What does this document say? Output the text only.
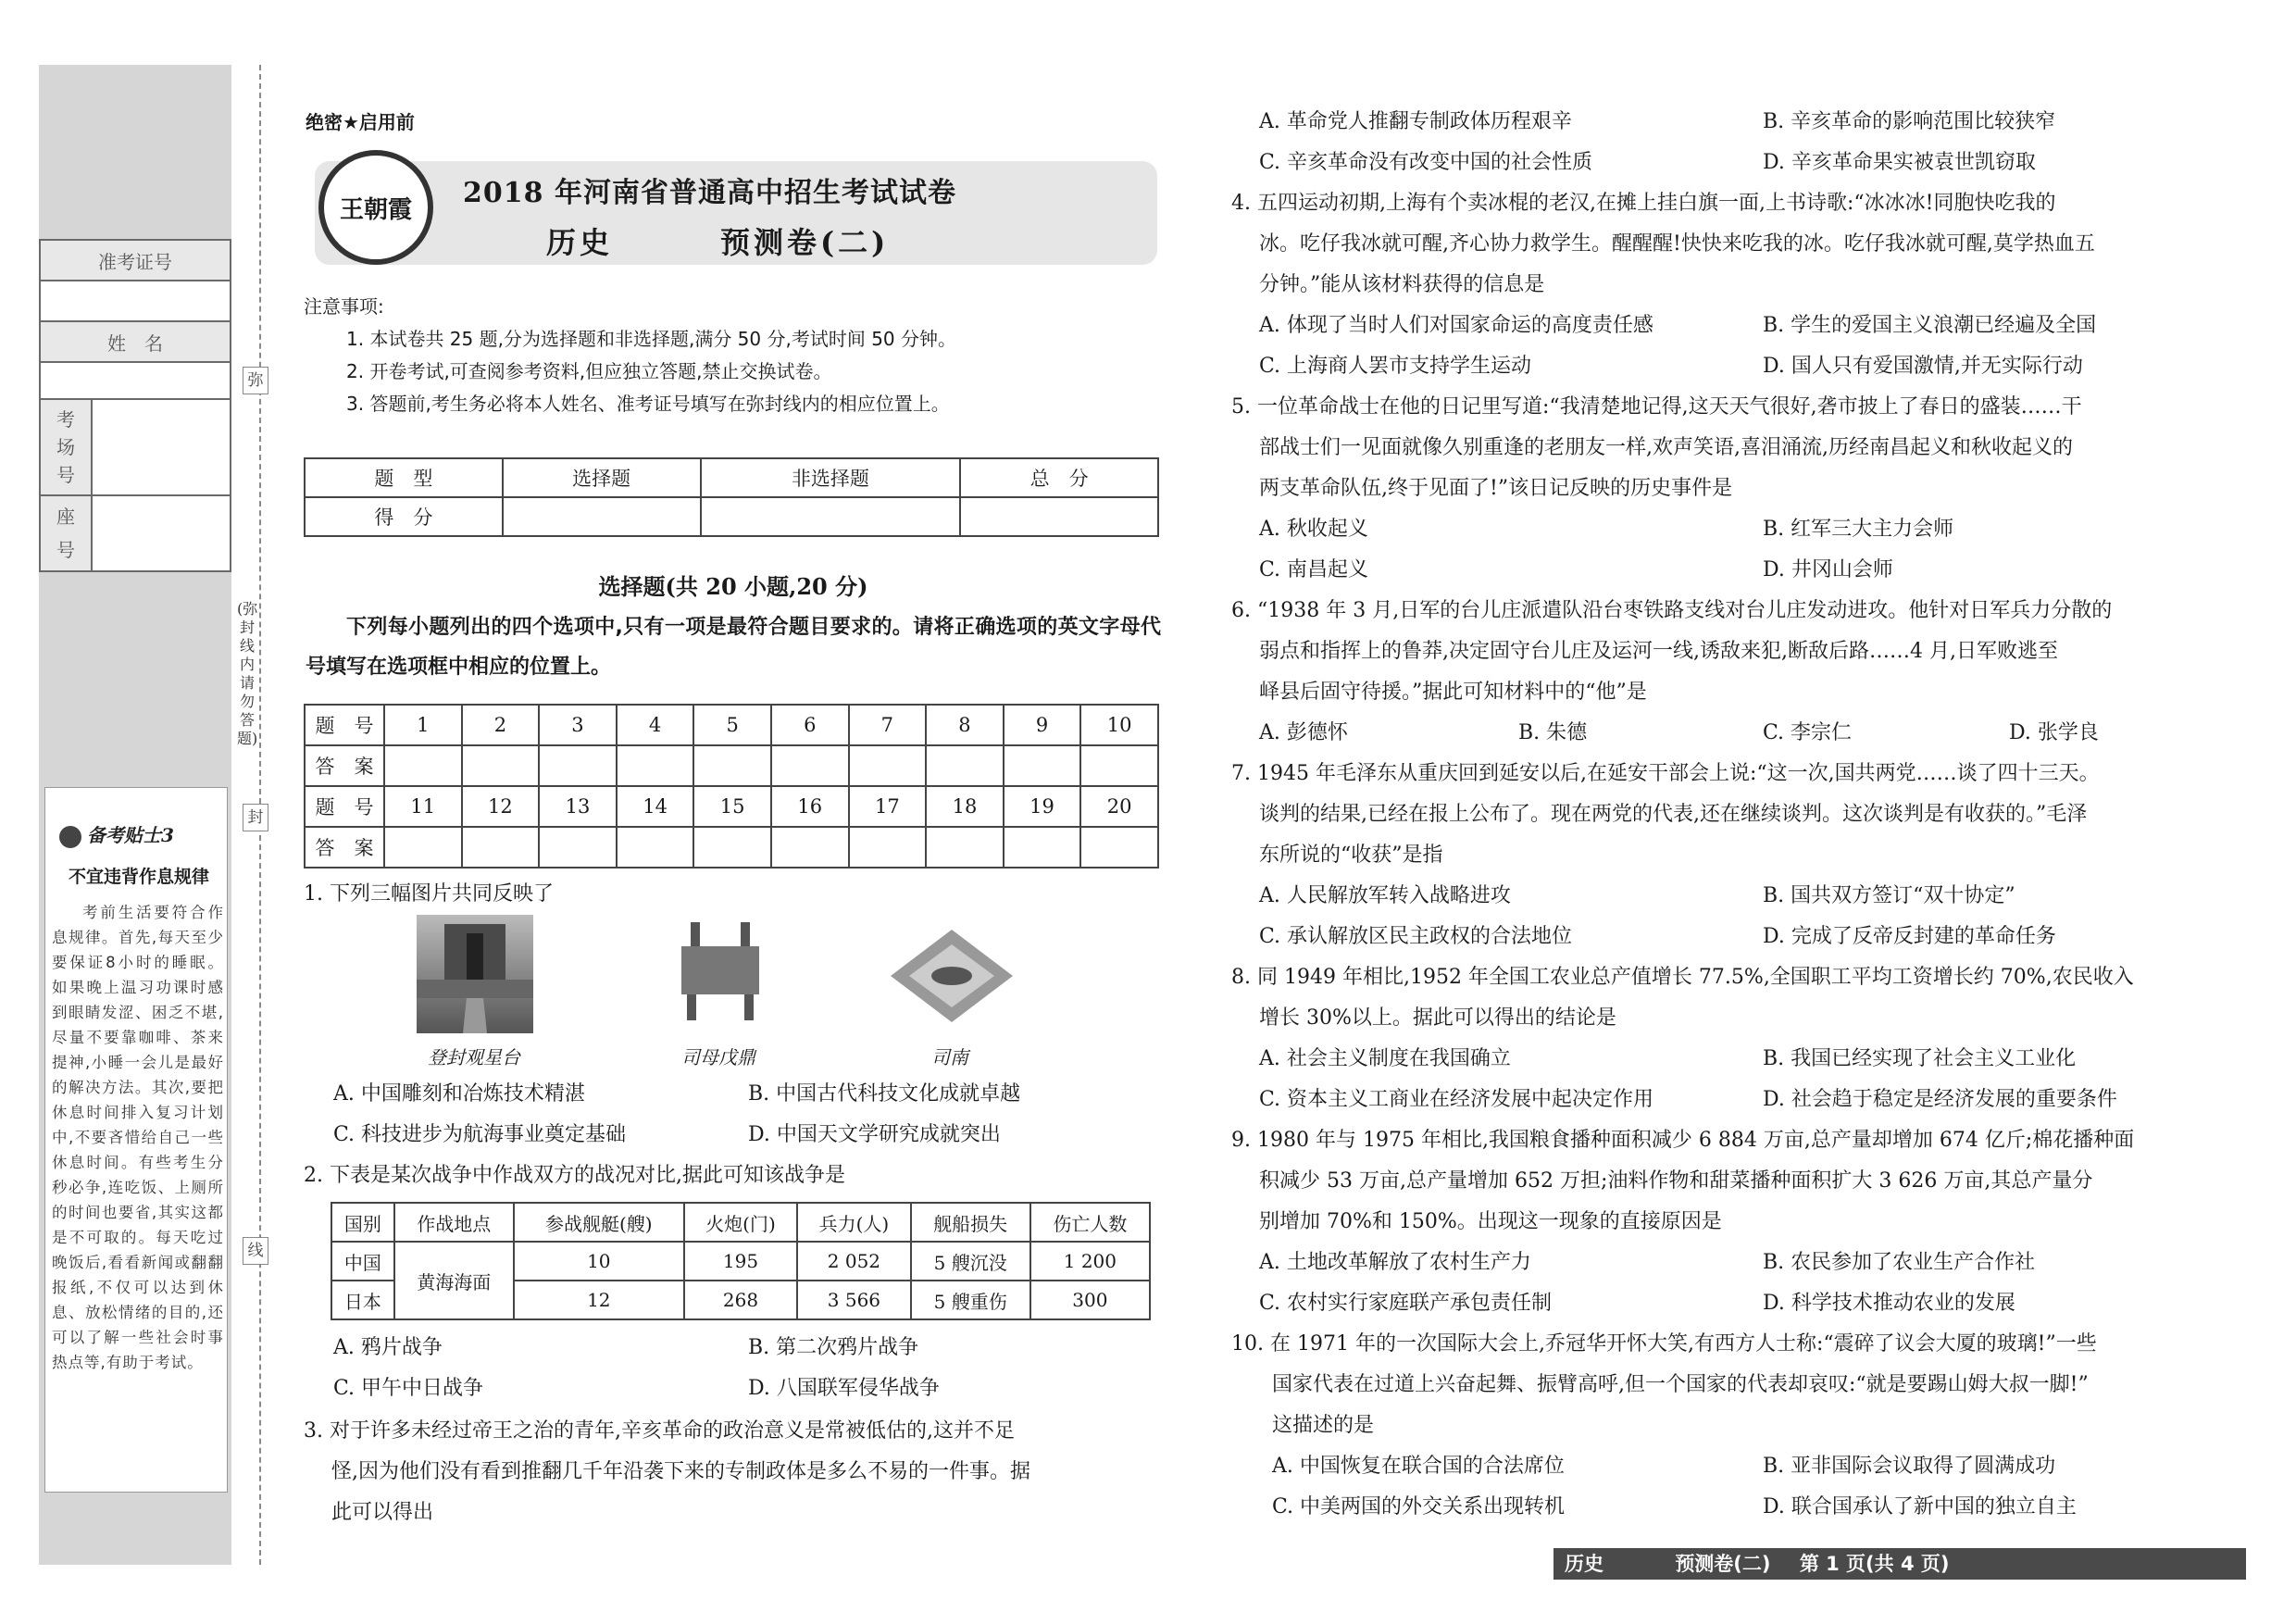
准考证号

姓　名

考
场
号	

座
号	

弥
封
线
(弥封线内请勿答题)
备考贴士3
不宜违背作息规律
考前生活要符合作息规律。首先,每天至少要保证8小时的睡眠。如果晚上温习功课时感到眼睛发涩、困乏不堪,尽量不要靠咖啡、茶来提神,小睡一会儿是最好的解决方法。其次,要把休息时间排入复习计划中,不要吝惜给自己一些休息时间。有些考生分秒必争,连吃饭、上厕所的时间也要省,其实这都是不可取的。每天吃过晚饭后,看看新闻或翻翻报纸,不仅可以达到休息、放松情绪的目的,还可以了解一些社会时事热点等,有助于考试。
绝密★启用前
王朝霞
2018 年河南省普通高中招生考试试卷
历史	预测卷(二)
注意事项:
1. 本试卷共 25 题,分为选择题和非选择题,满分 50 分,考试时间 50 分钟。
2. 开卷考试,可查阅参考资料,但应独立答题,禁止交换试卷。
3. 答题前,考生务必将本人姓名、准考证号填写在弥封线内的相应位置上。
题　型	选择题	非选择题	总　分
得　分			
选择题(共 20 小题,20 分)
下列每小题列出的四个选项中,只有一项是最符合题目要求的。请将正确选项的英文字母代号填写在选项框中相应的位置上。
题　号	1	2	3	4	5	6	7	8	9	10
答　案										
题　号	11	12	13	14	15	16	17	18	19	20
答　案										
1. 下列三幅图片共同反映了
登封观星台	司母戊鼎	司南
A. 中国雕刻和冶炼技术精湛	B. 中国古代科技文化成就卓越
C. 科技进步为航海事业奠定基础	D. 中国天文学研究成就突出
2. 下表是某次战争中作战双方的战况对比,据此可知该战争是
国别	作战地点	参战舰艇(艘)	火炮(门)	兵力(人)	舰船损失	伤亡人数
中国	黄海海面	10	195	2 052	5 艘沉没	1 200
日本		12	268	3 566	5 艘重伤	300
A. 鸦片战争	B. 第二次鸦片战争
C. 甲午中日战争	D. 八国联军侵华战争
3. 对于许多未经过帝王之治的青年,辛亥革命的政治意义是常被低估的,这并不足
怪,因为他们没有看到推翻几千年沿袭下来的专制政体是多么不易的一件事。据
此可以得出
A. 革命党人推翻专制政体历程艰辛	B. 辛亥革命的影响范围比较狭窄
C. 辛亥革命没有改变中国的社会性质	D. 辛亥革命果实被袁世凯窃取
4. 五四运动初期,上海有个卖冰棍的老汉,在摊上挂白旗一面,上书诗歌:“冰冰冰!同胞快吃我的
冰。吃仔我冰就可醒,齐心协力救学生。醒醒醒!快快来吃我的冰。吃仔我冰就可醒,莫学热血五
分钟。”能从该材料获得的信息是
A. 体现了当时人们对国家命运的高度责任感	B. 学生的爱国主义浪潮已经遍及全国
C. 上海商人罢市支持学生运动	D. 国人只有爱国激情,并无实际行动
5. 一位革命战士在他的日记里写道:“我清楚地记得,这天天气很好,砻市披上了春日的盛装……干
部战士们一见面就像久别重逢的老朋友一样,欢声笑语,喜泪涌流,历经南昌起义和秋收起义的
两支革命队伍,终于见面了!”该日记反映的历史事件是
A. 秋收起义	B. 红军三大主力会师
C. 南昌起义	D. 井冈山会师
6. “1938 年 3 月,日军的台儿庄派遣队沿台枣铁路支线对台儿庄发动进攻。他针对日军兵力分散的
弱点和指挥上的鲁莽,决定固守台儿庄及运河一线,诱敌来犯,断敌后路……4 月,日军败逃至
峄县后固守待援。”据此可知材料中的“他”是
A. 彭德怀	B. 朱德	C. 李宗仁	D. 张学良
7. 1945 年毛泽东从重庆回到延安以后,在延安干部会上说:“这一次,国共两党……谈了四十三天。
谈判的结果,已经在报上公布了。现在两党的代表,还在继续谈判。这次谈判是有收获的。”毛泽
东所说的“收获”是指
A. 人民解放军转入战略进攻	B. 国共双方签订“双十协定”
C. 承认解放区民主政权的合法地位	D. 完成了反帝反封建的革命任务
8. 同 1949 年相比,1952 年全国工农业总产值增长 77.5%,全国职工平均工资增长约 70%,农民收入
增长 30%以上。据此可以得出的结论是
A. 社会主义制度在我国确立	B. 我国已经实现了社会主义工业化
C. 资本主义工商业在经济发展中起决定作用	D. 社会趋于稳定是经济发展的重要条件
9. 1980 年与 1975 年相比,我国粮食播种面积减少 6 884 万亩,总产量却增加 674 亿斤;棉花播种面
积减少 53 万亩,总产量增加 652 万担;油料作物和甜菜播种面积扩大 3 626 万亩,其总产量分
别增加 70%和 150%。出现这一现象的直接原因是
A. 土地改革解放了农村生产力	B. 农民参加了农业生产合作社
C. 农村实行家庭联产承包责任制	D. 科学技术推动农业的发展
10. 在 1971 年的一次国际大会上,乔冠华开怀大笑,有西方人士称:“震碎了议会大厦的玻璃!”一些
国家代表在过道上兴奋起舞、振臂高呼,但一个国家的代表却哀叹:“就是要踢山姆大叔一脚!”
这描述的是
A. 中国恢复在联合国的合法席位	B. 亚非国际会议取得了圆满成功
C. 中美两国的外交关系出现转机	D. 联合国承认了新中国的独立自主
历史	预测卷(二) 第 1 页(共 4 页)
